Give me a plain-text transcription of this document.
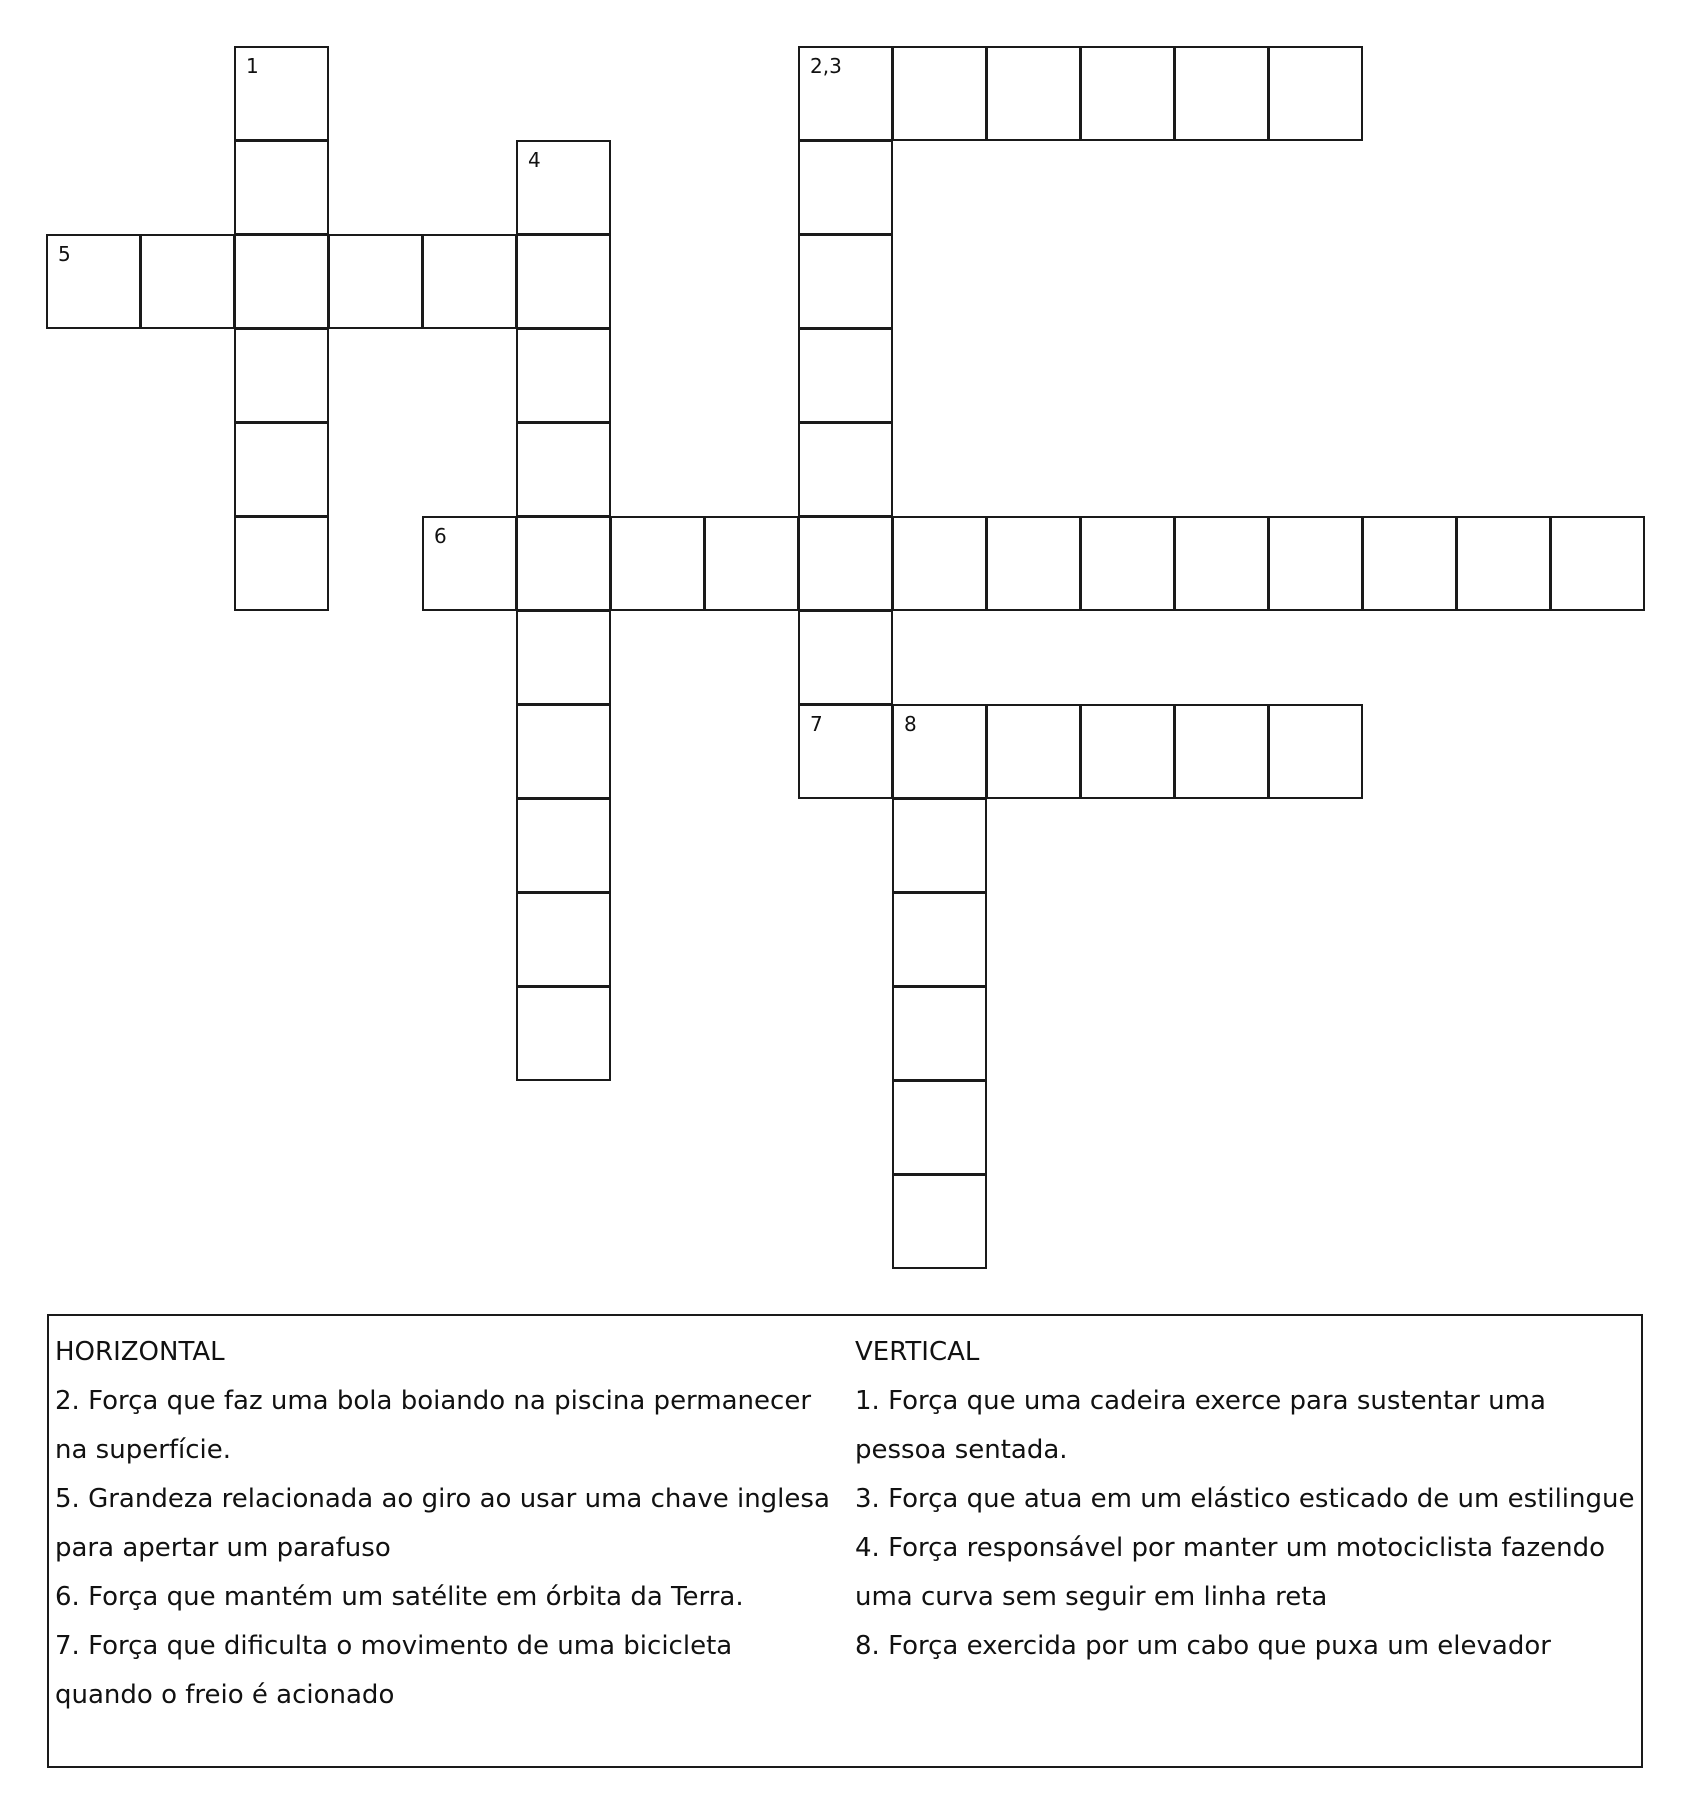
1	2,3
7
4
5
6
8

HORIZONTAL

2. Força que faz uma bola boiando na piscina permanecer na superfície.

5. Grandeza relacionada ao giro ao usar uma chave inglesa para apertar um parafuso

6. Força que mantém um satélite em órbita da Terra.

7. Força que dificulta o movimento de uma bicicleta quando o freio é acionado

VERTICAL

1. Força que uma cadeira exerce para sustentar uma pessoa sentada.

3. Força que atua em um elástico esticado de um estilingue

4. Força responsável por manter um motociclista fazendo uma curva sem seguir em linha reta

8. Força exercida por um cabo que puxa um elevador
